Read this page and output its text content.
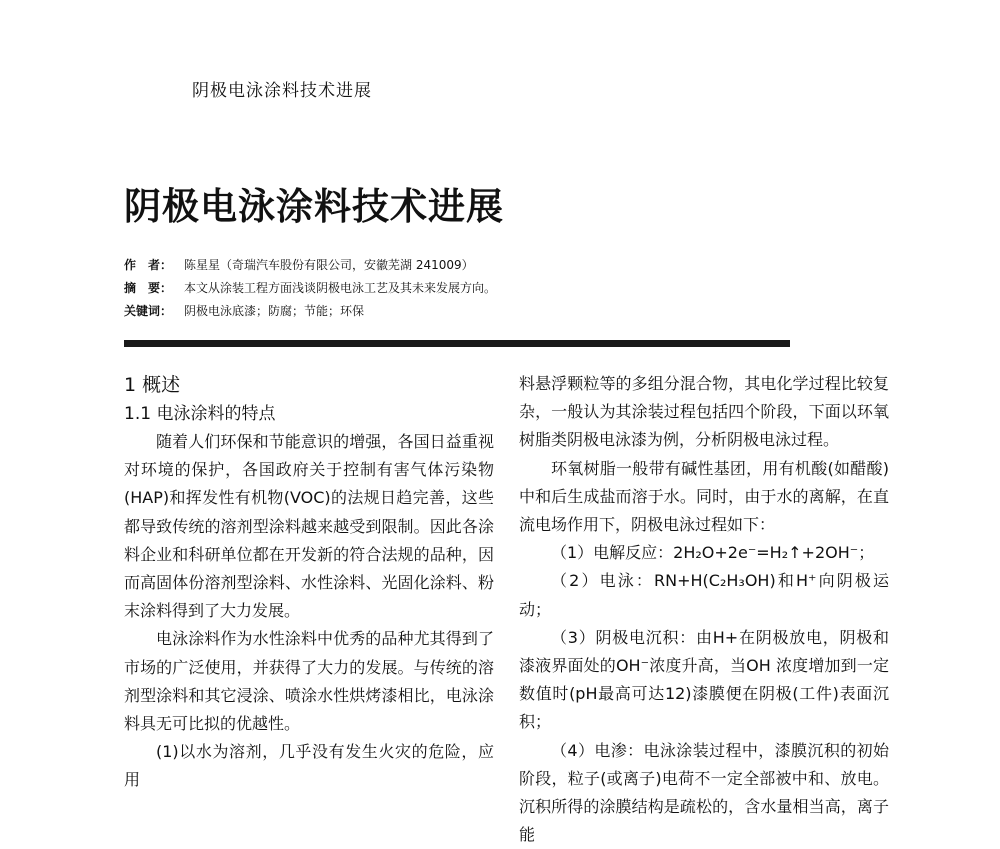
阴极电泳涂料技术进展
阴极电泳涂料技术进展
作　者： 陈星星（奇瑞汽车股份有限公司，安徽芜湖 241009）
摘　要： 本文从涂装工程方面浅谈阴极电泳工艺及其未来发展方向。
关键词： 阴极电泳底漆；防腐；节能；环保
1 概述
1.1 电泳涂料的特点

随着人们环保和节能意识的增强，各国日益重视对环境的保护，各国政府关于控制有害气体污染物(HAP)和挥发性有机物(VOC)的法规日趋完善，这些都导致传统的溶剂型涂料越来越受到限制。因此各涂料企业和科研单位都在开发新的符合法规的品种，因而高固体份溶剂型涂料、水性涂料、光固化涂料、粉末涂料得到了大力发展。

电泳涂料作为水性涂料中优秀的品种尤其得到了市场的广泛使用，并获得了大力的发展。与传统的溶剂型涂料和其它浸涂、喷涂水性烘烤漆相比，电泳涂料具无可比拟的优越性。

(1)以水为溶剂，几乎没有发生火灾的危险，应用

料悬浮颗粒等的多组分混合物，其电化学过程比较复杂，一般认为其涂装过程包括四个阶段，下面以环氧树脂类阴极电泳漆为例，分析阴极电泳过程。

环氧树脂一般带有碱性基团，用有机酸(如醋酸)中和后生成盐而溶于水。同时，由于水的离解，在直流电场作用下，阴极电泳过程如下：

（1）电解反应：2H₂O+2e⁻=H₂↑+2OH⁻；

（2）电泳：RN+H(C₂H₃OH)和H⁺向阴极运动；

（3）阴极电沉积：由H+在阴极放电，阴极和漆液界面处的OH⁻浓度升高，当OH 浓度增加到一定数值时(pH最高可达12)漆膜便在阴极(工件)表面沉积；

（4）电渗：电泳涂装过程中，漆膜沉积的初始阶段，粒子(或离子)电荷不一定全部被中和、放电。沉积所得的涂膜结构是疏松的，含水量相当高，离子能
